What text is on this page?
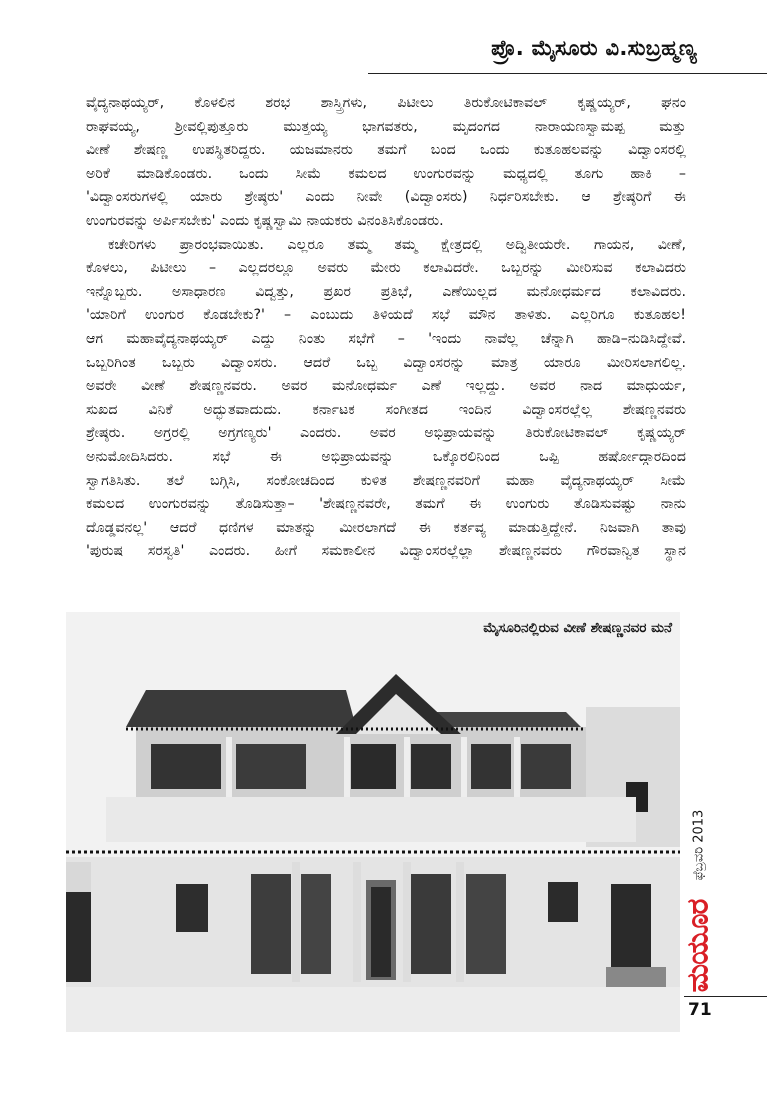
ಪ್ರೊ. ಮೈಸೂರು ವಿ.ಸುಬ್ರಹ್ಮಣ್ಯ
ವೈದ್ಯನಾಥಯ್ಯರ್, ಕೊಳಲಿನ ಶರಭ ಶಾಸ್ತ್ರಿಗಳು, ಪಿಟೀಲು ತಿರುಕೋಟಿಕಾವಲ್ ಕೃಷ್ಣಯ್ಯರ್, ಘನಂ
ರಾಘವಯ್ಯ, ಶ್ರೀವಲ್ಲಿಪುತ್ತೂರು ಮುತ್ತಯ್ಯ ಭಾಗವತರು, ಮೃದಂಗದ ನಾರಾಯಣಸ್ವಾಮಪ್ಪ ಮತ್ತು
ವೀಣೆ ಶೇಷಣ್ಣ ಉಪಸ್ಥಿತರಿದ್ದರು. ಯಜಮಾನರು ತಮಗೆ ಬಂದ ಒಂದು ಕುತೂಹಲವನ್ನು ವಿದ್ವಾಂಸರಲ್ಲಿ
ಅರಿಕೆ ಮಾಡಿಕೊಂಡರು. ಒಂದು ಸೀಮೆ ಕಮಲದ ಉಂಗುರವನ್ನು ಮಧ್ಯದಲ್ಲಿ ತೂಗು ಹಾಕಿ –
'ವಿದ್ವಾಂಸರುಗಳಲ್ಲಿ ಯಾರು ಶ್ರೇಷ್ಠರು' ಎಂದು ನೀವೇ (ವಿದ್ವಾಂಸರು) ನಿರ್ಧರಿಸಬೇಕು. ಆ ಶ್ರೇಷ್ಠರಿಗೆ ಈ
ಉಂಗುರವನ್ನು ಅರ್ಪಿಸಬೇಕು' ಎಂದು ಕೃಷ್ಣಸ್ವಾಮಿ ನಾಯಕರು ವಿನಂತಿಸಿಕೊಂಡರು.
ಕಚೇರಿಗಳು ಪ್ರಾರಂಭವಾಯಿತು. ಎಲ್ಲರೂ ತಮ್ಮ ತಮ್ಮ ಕ್ಷೇತ್ರದಲ್ಲಿ ಅದ್ವಿತೀಯರೇ. ಗಾಯನ, ವೀಣೆ,
ಕೊಳಲು, ಪಿಟೀಲು – ಎಲ್ಲದರಲ್ಲೂ ಅವರು ಮೇರು ಕಲಾವಿದರೇ. ಒಬ್ಬರನ್ನು ಮೀರಿಸುವ ಕಲಾವಿದರು
ಇನ್ನೊಬ್ಬರು. ಅಸಾಧಾರಣ ವಿದ್ವತ್ತು, ಪ್ರಖರ ಪ್ರತಿಭೆ, ಎಣೆಯಿಲ್ಲದ ಮನೋಧರ್ಮದ ಕಲಾವಿದರು.
'ಯಾರಿಗೆ ಉಂಗುರ ಕೊಡಬೇಕು?' – ಎಂಬುದು ತಿಳಿಯದೆ ಸಭೆ ಮೌನ ತಾಳಿತು. ಎಲ್ಲರಿಗೂ ಕುತೂಹಲ!
ಆಗ ಮಹಾವೈದ್ಯನಾಥಯ್ಯರ್ ಎದ್ದು ನಿಂತು ಸಭೆಗೆ – 'ಇಂದು ನಾವೆಲ್ಲ ಚೆನ್ನಾಗಿ ಹಾಡಿ–ನುಡಿಸಿದ್ದೇವೆ.
ಒಬ್ಬರಿಗಿಂತ ಒಬ್ಬರು ವಿದ್ವಾಂಸರು. ಆದರೆ ಒಬ್ಬ ವಿದ್ವಾಂಸರನ್ನು ಮಾತ್ರ ಯಾರೂ ಮೀರಿಸಲಾಗಲಿಲ್ಲ.
ಅವರೇ ವೀಣೆ ಶೇಷಣ್ಣನವರು. ಅವರ ಮನೋಧರ್ಮ ಎಣೆ ಇಲ್ಲದ್ದು. ಅವರ ನಾದ ಮಾಧುರ್ಯ,
ಸುಖದ ವಿನಿಕೆ ಅದ್ಭುತವಾದುದು. ಕರ್ನಾಟಕ ಸಂಗೀತದ ಇಂದಿನ ವಿದ್ವಾಂಸರಲ್ಲೆಲ್ಲ ಶೇಷಣ್ಣನವರು
ಶ್ರೇಷ್ಠರು. ಅಗ್ರರಲ್ಲಿ ಅಗ್ರಗಣ್ಯರು' ಎಂದರು. ಅವರ ಅಭಿಪ್ರಾಯವನ್ನು ತಿರುಕೋಟಿಕಾವಲ್ ಕೃಷ್ಣಯ್ಯರ್
ಅನುಮೋದಿಸಿದರು. ಸಭೆ ಈ ಅಭಿಪ್ರಾಯವನ್ನು ಒಕ್ಕೊರಲಿನಿಂದ ಒಪ್ಪಿ ಹರ್ಷೋದ್ಗಾರದಿಂದ
ಸ್ವಾಗತಿಸಿತು. ತಲೆ ಬಗ್ಗಿಸಿ, ಸಂಕೋಚದಿಂದ ಕುಳಿತ ಶೇಷಣ್ಣನವರಿಗೆ ಮಹಾ ವೈದ್ಯನಾಥಯ್ಯರ್ ಸೀಮೆ
ಕಮಲದ ಉಂಗುರವನ್ನು ತೊಡಿಸುತ್ತಾ– 'ಶೇಷಣ್ಣನವರೇ, ತಮಗೆ ಈ ಉಂಗುರು ತೊಡಿಸುವಷ್ಟು ನಾನು
ದೊಡ್ಡವನಲ್ಲ' ಆದರೆ ಧಣಿಗಳ ಮಾತನ್ನು ಮೀರಲಾಗದೆ ಈ ಕರ್ತವ್ಯ ಮಾಡುತ್ತಿದ್ದೇನೆ. ನಿಜವಾಗಿ ತಾವು
'ಪುರುಷ ಸರಸ್ವತಿ' ಎಂದರು. ಹೀಗೆ ಸಮಕಾಲೀನ ವಿದ್ವಾಂಸರಲ್ಲೆಲ್ಲಾ ಶೇಷಣ್ಣನವರು ಗೌರವಾನ್ವಿತ ಸ್ಥಾನ
ಮೈಸೂರಿನಲ್ಲಿರುವ ವೀಣೆ ಶೇಷಣ್ಣನವರ ಮನೆ
ಫೆಬ್ರವರಿ 2013
ಮಯೂರ
71
